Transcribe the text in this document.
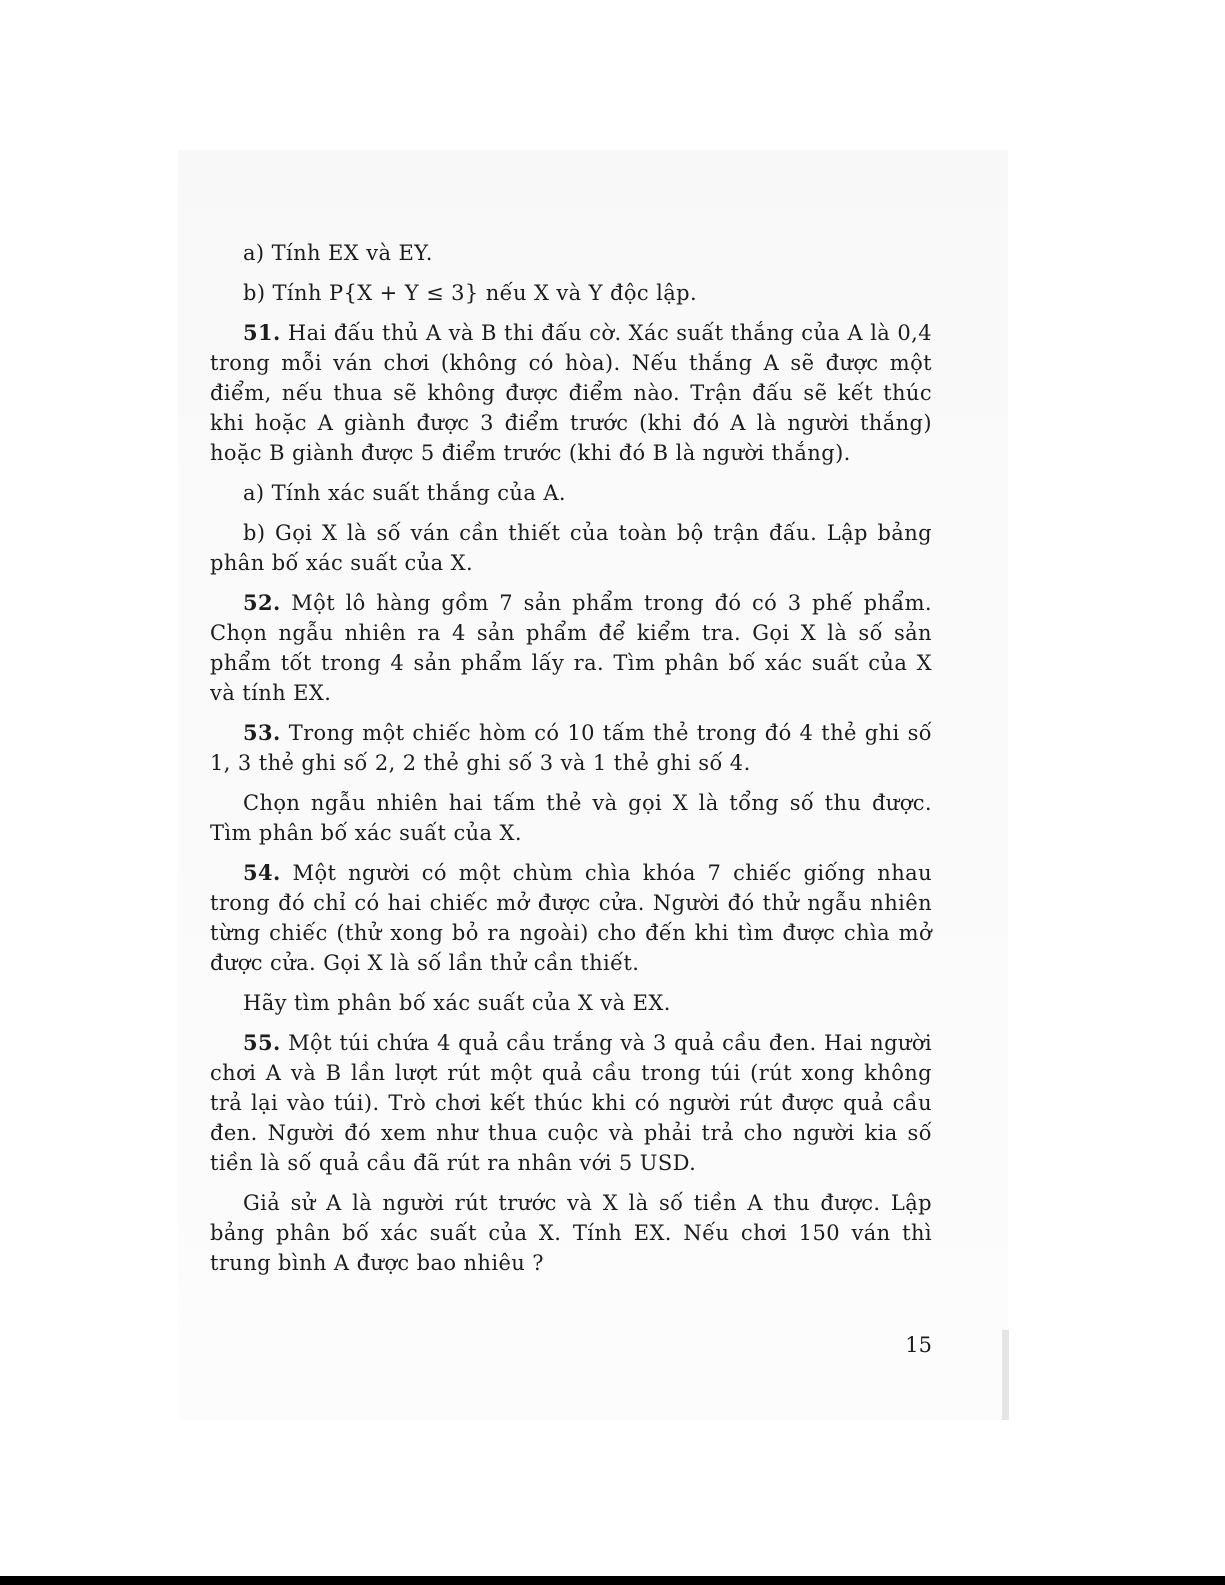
a) Tính EX và EY.

b) Tính P{X + Y ≤ 3} nếu X và Y độc lập.

51. Hai đấu thủ A và B thi đấu cờ. Xác suất thắng của A là 0,4 trong mỗi ván chơi (không có hòa). Nếu thắng A sẽ được một điểm, nếu thua sẽ không được điểm nào. Trận đấu sẽ kết thúc khi hoặc A giành được 3 điểm trước (khi đó A là người thắng) hoặc B giành được 5 điểm trước (khi đó B là người thắng).

a) Tính xác suất thắng của A.

b) Gọi X là số ván cần thiết của toàn bộ trận đấu. Lập bảng phân bố xác suất của X.

52. Một lô hàng gồm 7 sản phẩm trong đó có 3 phế phẩm. Chọn ngẫu nhiên ra 4 sản phẩm để kiểm tra. Gọi X là số sản phẩm tốt trong 4 sản phẩm lấy ra. Tìm phân bố xác suất của X và tính EX.

53. Trong một chiếc hòm có 10 tấm thẻ trong đó 4 thẻ ghi số 1, 3 thẻ ghi số 2, 2 thẻ ghi số 3 và 1 thẻ ghi số 4.

Chọn ngẫu nhiên hai tấm thẻ và gọi X là tổng số thu được. Tìm phân bố xác suất của X.

54. Một người có một chùm chìa khóa 7 chiếc giống nhau trong đó chỉ có hai chiếc mở được cửa. Người đó thử ngẫu nhiên từng chiếc (thử xong bỏ ra ngoài) cho đến khi tìm được chìa mở được cửa. Gọi X là số lần thử cần thiết.

Hãy tìm phân bố xác suất của X và EX.

55. Một túi chứa 4 quả cầu trắng và 3 quả cầu đen. Hai người chơi A và B lần lượt rút một quả cầu trong túi (rút xong không trả lại vào túi). Trò chơi kết thúc khi có người rút được quả cầu đen. Người đó xem như thua cuộc và phải trả cho người kia số tiền là số quả cầu đã rút ra nhân với 5 USD.

Giả sử A là người rút trước và X là số tiền A thu được. Lập bảng phân bố xác suất của X. Tính EX. Nếu chơi 150 ván thì trung bình A được bao nhiêu ?

15
